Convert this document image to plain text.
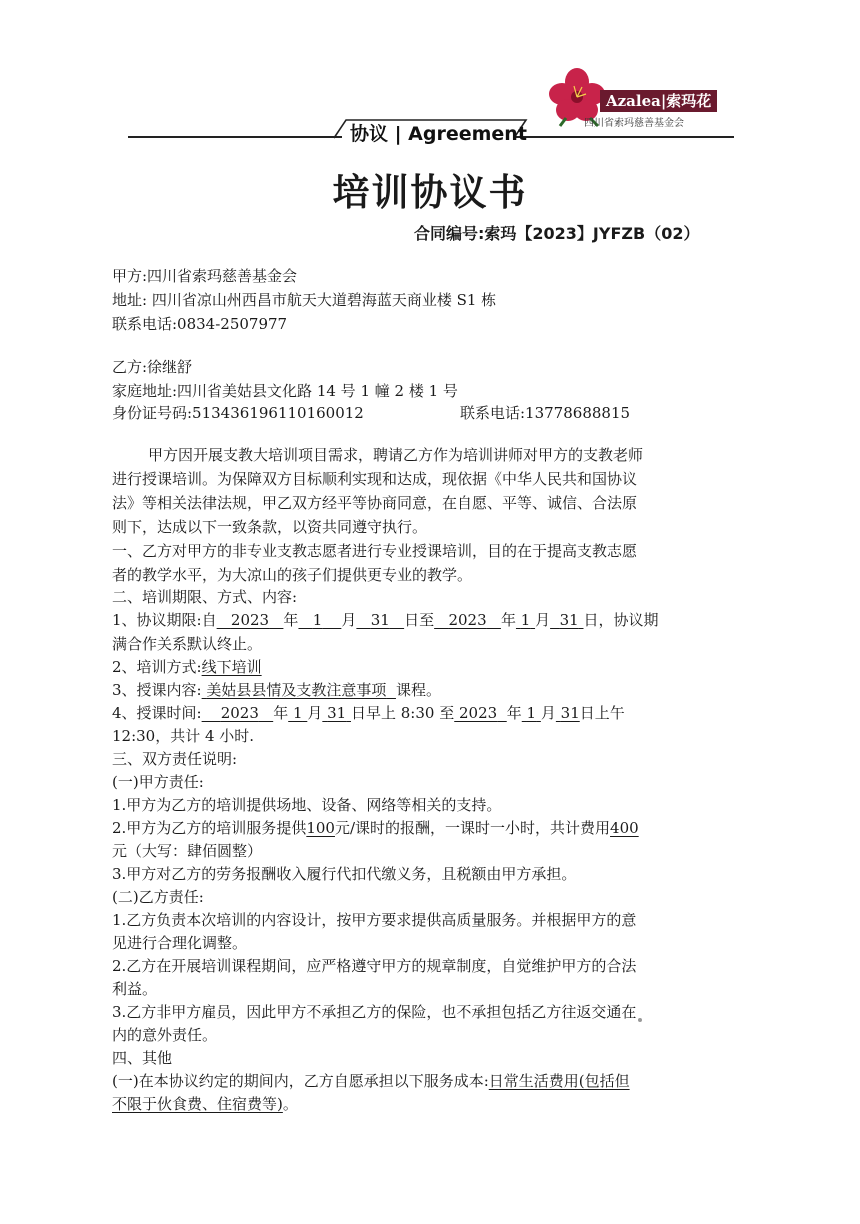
Azalea|索玛花
四川省索玛慈善基金会
协议 | Agreement
培训协议书
合同编号:索玛【2023】JYFZB（02）
甲方:四川省索玛慈善基金会
地址: 四川省凉山州西昌市航天大道碧海蓝天商业楼 S1 栋
联系电话:0834-2507977
乙方:徐继舒
家庭地址:四川省美姑县文化路 14 号 1 幢 2 楼 1 号
身份证号码:513436196110160012	联系电话:13778688815
甲方因开展支教大培训项目需求，聘请乙方作为培训讲师对甲方的支教老师
进行授课培训。为保障双方目标顺利实现和达成，现依据《中华人民共和国协议
法》等相关法律法规，甲乙双方经平等协商同意，在自愿、平等、诚信、合法原
则下，达成以下一致条款，以资共同遵守执行。
一、乙方对甲方的非专业支教志愿者进行专业授课培训，目的在于提高支教志愿
者的教学水平，为大凉山的孩子们提供更专业的教学。
二、培训期限、方式、内容:
1、协议期限:自 2023 年 1 月 31 日至 2023 年 1 月 31 日，协议期
满合作关系默认终止。
2、培训方式:线下培训
3、授课内容: 美姑县县情及支教注意事项 课程。
4、授课时间: 2023 年 1 月 31 日早上 8:30 至 2023 年 1 月 31日上午
12:30，共计 4 小时.
三、双方责任说明:
(一)甲方责任:
1.甲方为乙方的培训提供场地、设备、网络等相关的支持。
2.甲方为乙方的培训服务提供100元/课时的报酬，一课时一小时，共计费用400
元（大写：肆佰圆整）
3.甲方对乙方的劳务报酬收入履行代扣代缴义务，且税额由甲方承担。
(二)乙方责任:
1.乙方负责本次培训的内容设计，按甲方要求提供高质量服务。并根据甲方的意
见进行合理化调整。
2.乙方在开展培训课程期间，应严格遵守甲方的规章制度，自觉维护甲方的合法
利益。
3.乙方非甲方雇员，因此甲方不承担乙方的保险，也不承担包括乙方往返交通在
内的意外责任。
四、其他
(一)在本协议约定的期间内，乙方自愿承担以下服务成本:日常生活费用(包括但
不限于伙食费、住宿费等)。
